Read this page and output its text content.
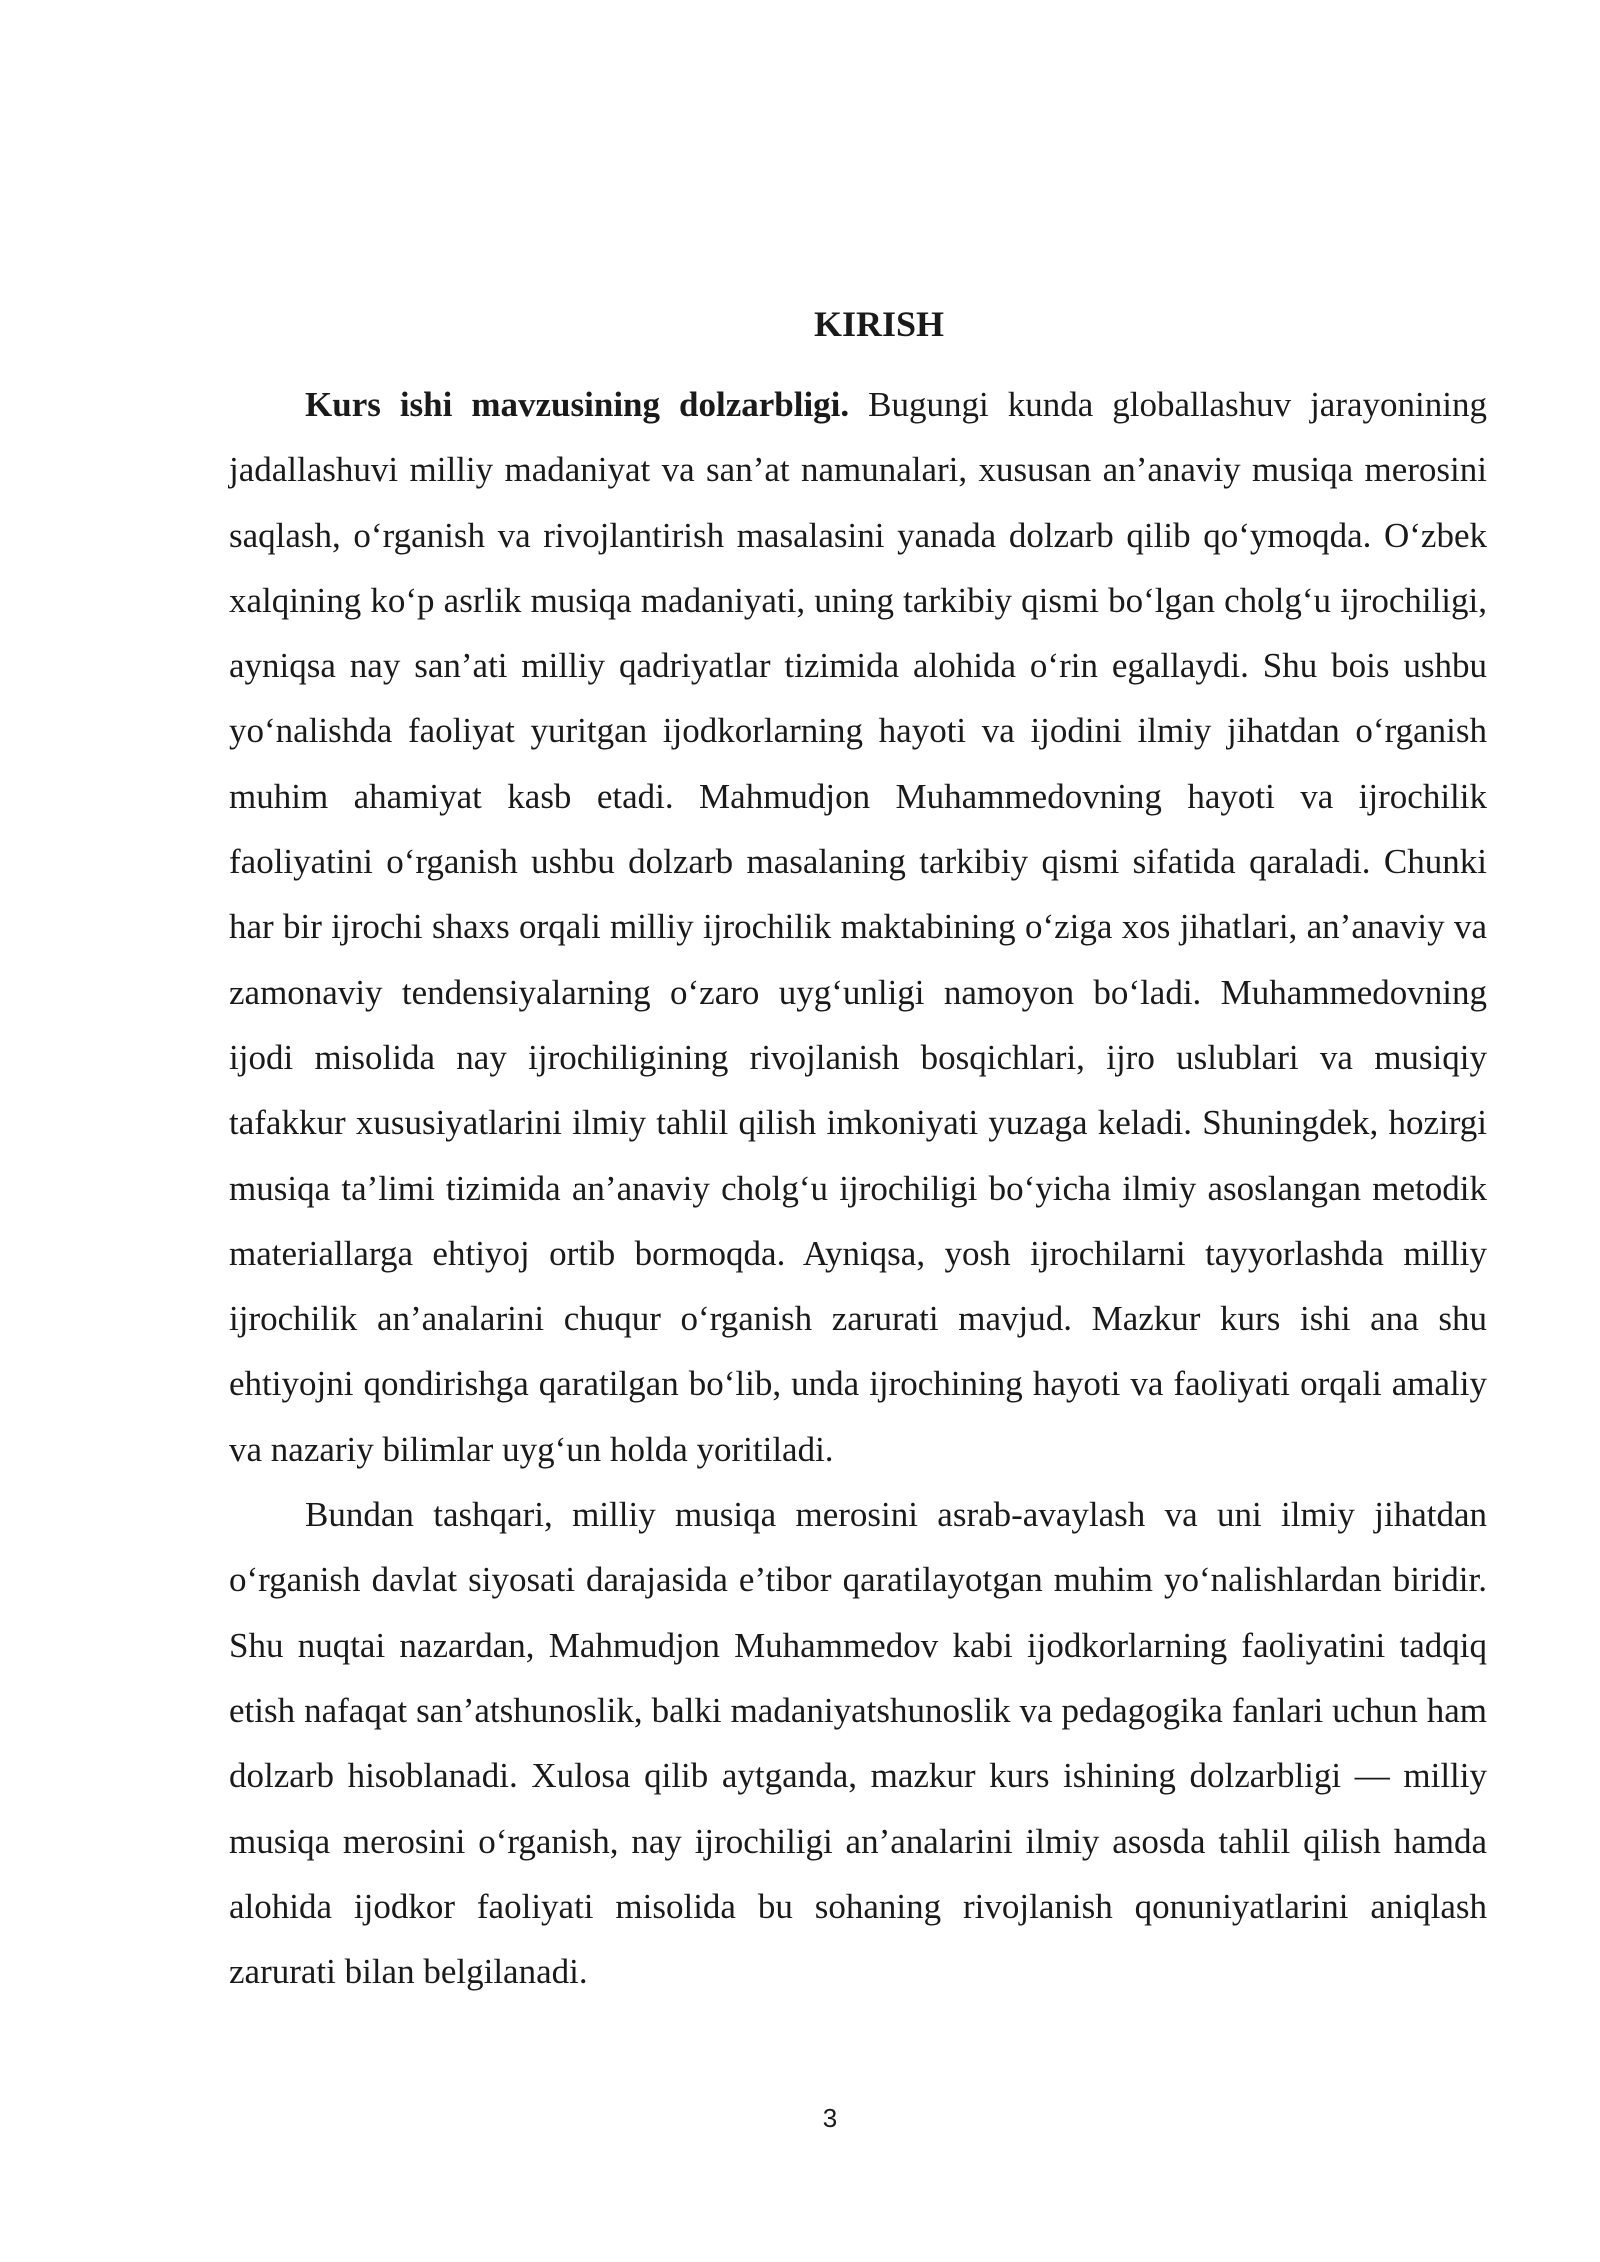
KIRISH

Kurs ishi mavzusining dolzarbligi. Bugungi kunda globallashuv jarayonining jadallashuvi milliy madaniyat va san’at namunalari, xususan an’anaviy musiqa merosini saqlash, o‘rganish va rivojlantirish masalasini yanada dolzarb qilib qo‘ymoqda. O‘zbek xalqining ko‘p asrlik musiqa madaniyati, uning tarkibiy qismi bo‘lgan cholg‘u ijrochiligi, ayniqsa nay san’ati milliy qadriyatlar tizimida alohida o‘rin egallaydi. Shu bois ushbu yo‘nalishda faoliyat yuritgan ijodkorlarning hayoti va ijodini ilmiy jihatdan o‘rganish muhim ahamiyat kasb etadi. Mahmudjon Muhammedovning hayoti va ijrochilik faoliyatini o‘rganish ushbu dolzarb masalaning tarkibiy qismi sifatida qaraladi. Chunki har bir ijrochi shaxs orqali milliy ijrochilik maktabining o‘ziga xos jihatlari, an’anaviy va zamonaviy tendensiyalarning o‘zaro uyg‘unligi namoyon bo‘ladi. Muhammedovning ijodi misolida nay ijrochiligining rivojlanish bosqichlari, ijro uslublari va musiqiy tafakkur xususiyatlarini ilmiy tahlil qilish imkoniyati yuzaga keladi. Shuningdek, hozirgi musiqa ta’limi tizimida an’anaviy cholg‘u ijrochiligi bo‘yicha ilmiy asoslangan metodik materiallarga ehtiyoj ortib bormoqda. Ayniqsa, yosh ijrochilarni tayyorlashda milliy ijrochilik an’analarini chuqur o‘rganish zarurati mavjud. Mazkur kurs ishi ana shu ehtiyojni qondirishga qaratilgan bo‘lib, unda ijrochining hayoti va faoliyati orqali amaliy va nazariy bilimlar uyg‘un holda yoritiladi.

Bundan tashqari, milliy musiqa merosini asrab-avaylash va uni ilmiy jihatdan o‘rganish davlat siyosati darajasida e’tibor qaratilayotgan muhim yo‘nalishlardan biridir. Shu nuqtai nazardan, Mahmudjon Muhammedov kabi ijodkorlarning faoliyatini tadqiq etish nafaqat san’atshunoslik, balki madaniyatshunoslik va pedagogika fanlari uchun ham dolzarb hisoblanadi. Xulosa qilib aytganda, mazkur kurs ishining dolzarbligi — milliy musiqa merosini o‘rganish, nay ijrochiligi an’analarini ilmiy asosda tahlil qilish hamda alohida ijodkor faoliyati misolida bu sohaning rivojlanish qonuniyatlarini aniqlash zarurati bilan belgilanadi.

3
